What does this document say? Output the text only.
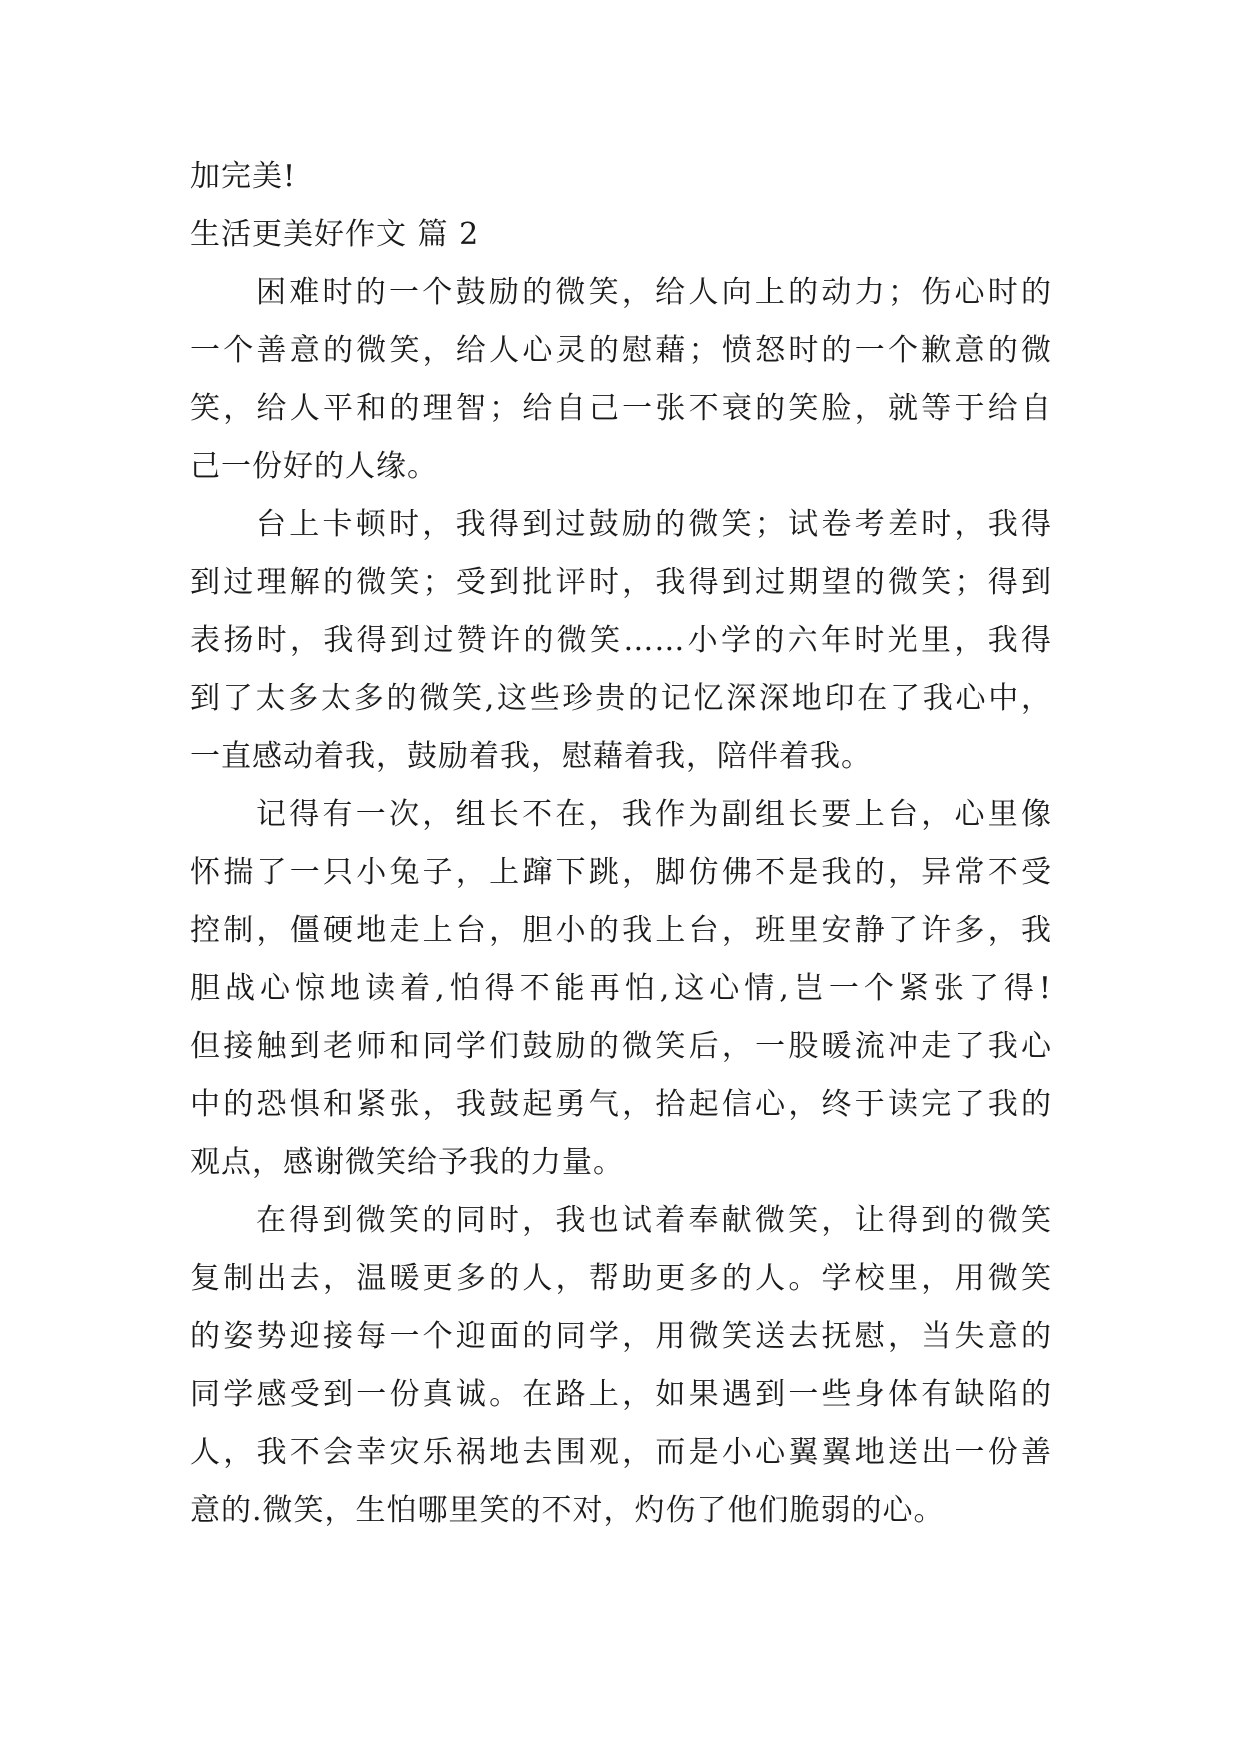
加完美!
生活更美好作文 篇 2
困难时的一个鼓励的微笑，给人向上的动力；伤心时的
一个善意的微笑，给人心灵的慰藉；愤怒时的一个歉意的微
笑，给人平和的理智；给自己一张不衰的笑脸，就等于给自
己一份好的人缘。
台上卡顿时，我得到过鼓励的微笑；试卷考差时，我得
到过理解的微笑；受到批评时，我得到过期望的微笑；得到
表扬时，我得到过赞许的微笑……小学的六年时光里，我得
到了太多太多的微笑,这些珍贵的记忆深深地印在了我心中，
一直感动着我，鼓励着我，慰藉着我，陪伴着我。
记得有一次，组长不在，我作为副组长要上台，心里像
怀揣了一只小兔子，上蹿下跳，脚仿佛不是我的，异常不受
控制，僵硬地走上台，胆小的我上台，班里安静了许多，我
胆战心惊地读着,怕得不能再怕,这心情,岂一个紧张了得!
但接触到老师和同学们鼓励的微笑后，一股暖流冲走了我心
中的恐惧和紧张，我鼓起勇气，拾起信心，终于读完了我的
观点，感谢微笑给予我的力量。
在得到微笑的同时，我也试着奉献微笑，让得到的微笑
复制出去，温暖更多的人，帮助更多的人。学校里，用微笑
的姿势迎接每一个迎面的同学，用微笑送去抚慰，当失意的
同学感受到一份真诚。在路上，如果遇到一些身体有缺陷的
人，我不会幸灾乐祸地去围观，而是小心翼翼地送出一份善
意的.微笑，生怕哪里笑的不对，灼伤了他们脆弱的心。
